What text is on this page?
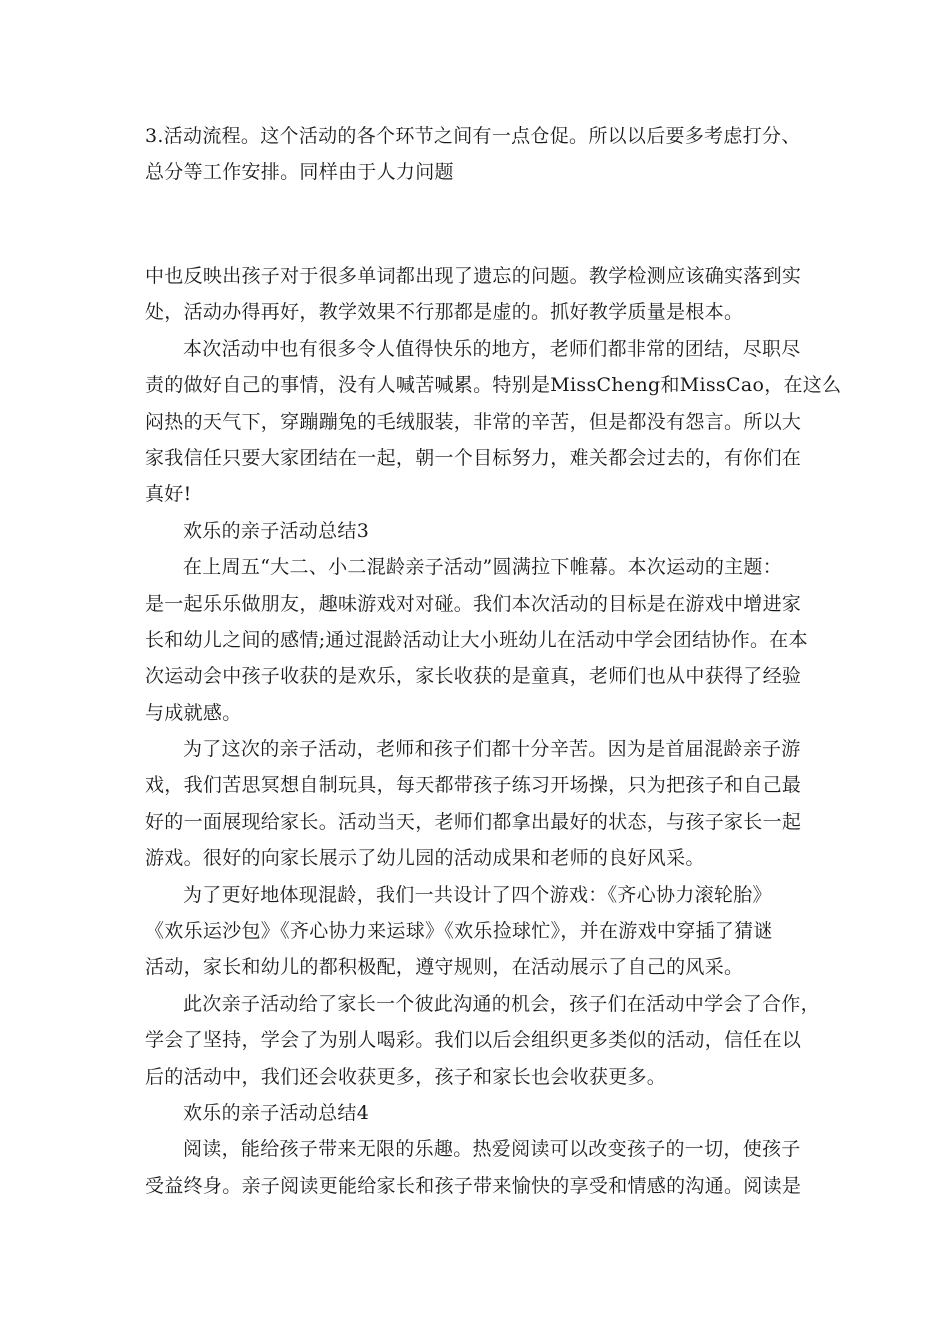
3.活动流程。这个活动的各个环节之间有一点仓促。所以以后要多考虑打分、
总分等工作安排。同样由于人力问题
中也反映出孩子对于很多单词都出现了遗忘的问题。教学检测应该确实落到实
处，活动办得再好，教学效果不行那都是虚的。抓好教学质量是根本。
本次活动中也有很多令人值得快乐的地方，老师们都非常的团结，尽职尽
责的做好自己的事情，没有人喊苦喊累。特别是MissCheng和MissCao，在这么
闷热的天气下，穿蹦蹦兔的毛绒服装，非常的辛苦，但是都没有怨言。所以大
家我信任只要大家团结在一起，朝一个目标努力，难关都会过去的，有你们在
真好!
欢乐的亲子活动总结3
在上周五“大二、小二混龄亲子活动”圆满拉下帷幕。本次运动的主题：
是一起乐乐做朋友，趣味游戏对对碰。我们本次活动的目标是在游戏中增进家
长和幼儿之间的感情;通过混龄活动让大小班幼儿在活动中学会团结协作。在本
次运动会中孩子收获的是欢乐，家长收获的是童真，老师们也从中获得了经验
与成就感。
为了这次的亲子活动，老师和孩子们都十分辛苦。因为是首届混龄亲子游
戏，我们苦思冥想自制玩具，每天都带孩子练习开场操，只为把孩子和自己最
好的一面展现给家长。活动当天，老师们都拿出最好的状态，与孩子家长一起
游戏。很好的向家长展示了幼儿园的活动成果和老师的良好风采。
为了更好地体现混龄，我们一共设计了四个游戏：《齐心协力滚轮胎》
《欢乐运沙包》《齐心协力来运球》《欢乐捡球忙》，并在游戏中穿插了猜谜
活动，家长和幼儿的都积极配，遵守规则，在活动展示了自己的风采。
此次亲子活动给了家长一个彼此沟通的机会，孩子们在活动中学会了合作，
学会了坚持，学会了为别人喝彩。我们以后会组织更多类似的活动，信任在以
后的活动中，我们还会收获更多，孩子和家长也会收获更多。
欢乐的亲子活动总结4
阅读，能给孩子带来无限的乐趣。热爱阅读可以改变孩子的一切，使孩子
受益终身。亲子阅读更能给家长和孩子带来愉快的享受和情感的沟通。阅读是
